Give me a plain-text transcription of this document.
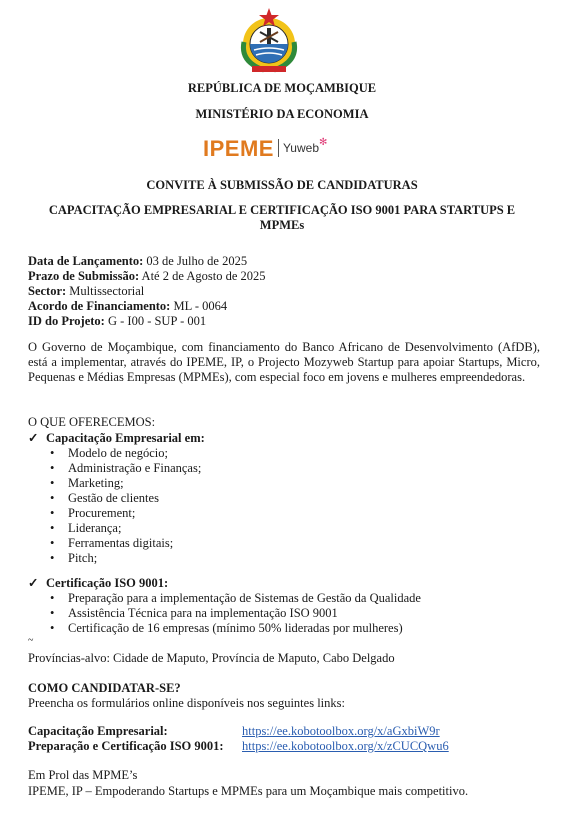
REPÚBLICA DE MOÇAMBIQUE
MINISTÉRIO DA ECONOMIA
IPEME Yuweb ✻
CONVITE À SUBMISSÃO DE CANDIDATURAS
CAPACITAÇÃO EMPRESARIAL E CERTIFICAÇÃO ISO 9001 PARA STARTUPS E MPMEs
Data de Lançamento: 03 de Julho de 2025
Prazo de Submissão: Até 2 de Agosto de 2025
Sector: Multissectorial
Acordo de Financiamento: ML - 0064
ID do Projeto: G - I00 - SUP - 001
O Governo de Moçambique, com financiamento do Banco Africano de Desenvolvimento (AfDB), está a implementar, através do IPEME, IP, o Projecto Mozyweb Startup para apoiar Startups, Micro, Pequenas e Médias Empresas (MPMEs), com especial foco em jovens e mulheres empreendedoras.
O QUE OFERECEMOS:
✓ Capacitação Empresarial em:
• Modelo de negócio;
• Administração e Finanças;
• Marketing;
• Gestão de clientes
• Procurement;
• Liderança;
• Ferramentas digitais;
• Pitch;
✓ Certificação ISO 9001:
• Preparação para a implementação de Sistemas de Gestão da Qualidade
• Assistência Técnica para na implementação ISO 9001
• Certificação de 16 empresas (mínimo 50% lideradas por mulheres)
~
Províncias-alvo: Cidade de Maputo, Província de Maputo, Cabo Delgado
COMO CANDIDATAR-SE?
Preencha os formulários online disponíveis nos seguintes links:
Capacitação Empresarial:	https://ee.kobotoolbox.org/x/aGxbiW9r
Preparação e Certificação ISO 9001:	https://ee.kobotoolbox.org/x/zCUCQwu6
Em Prol das MPME’s
IPEME, IP – Empoderando Startups e MPMEs para um Moçambique mais competitivo.
